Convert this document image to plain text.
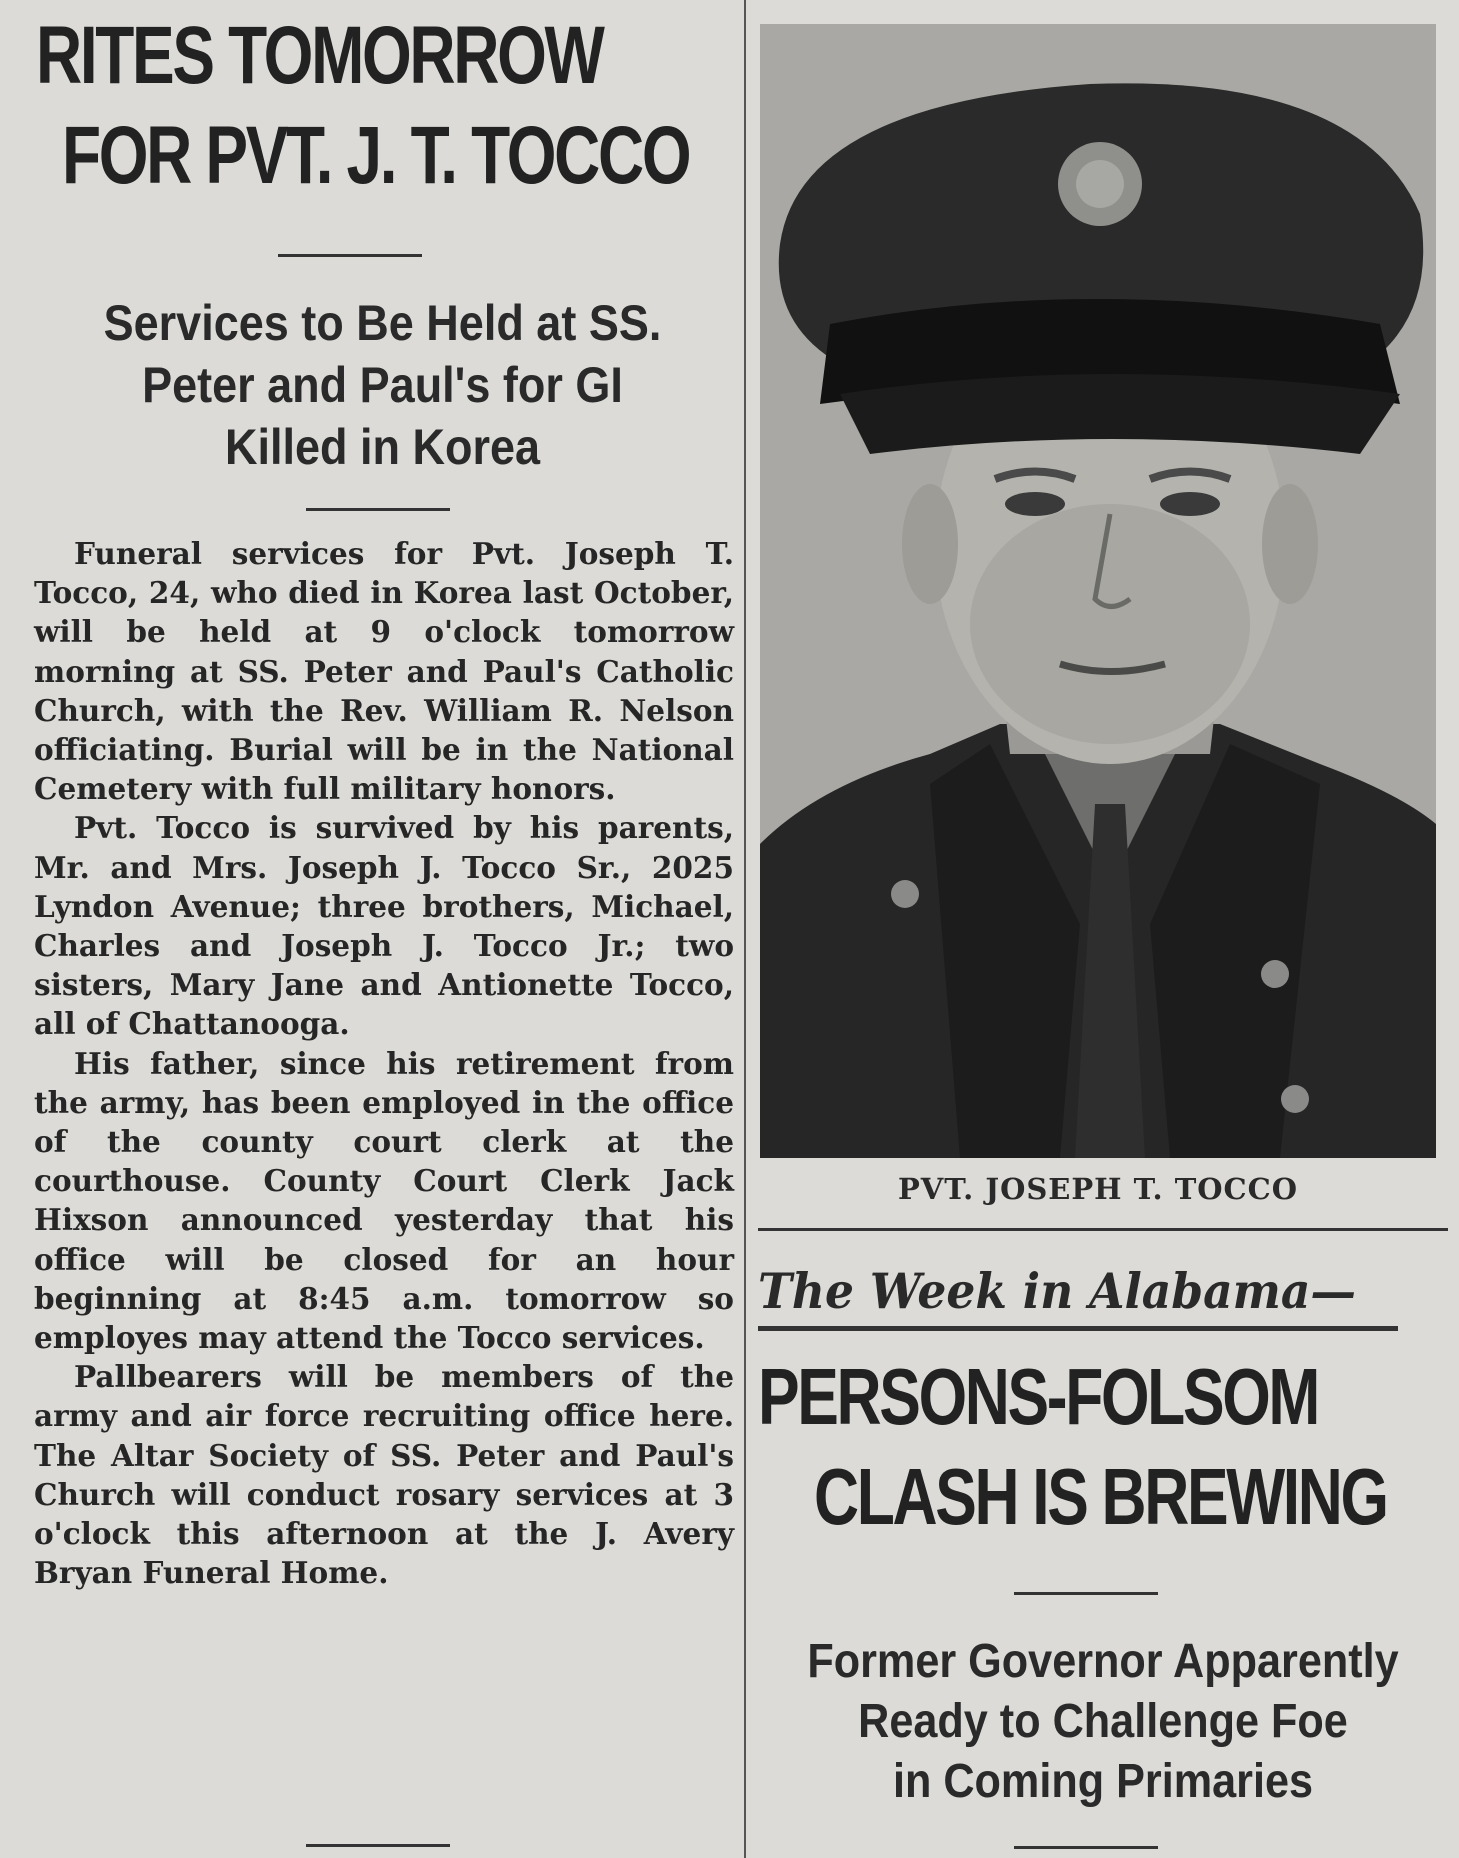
RITES TOMORROW
FOR PVT. J. T. TOCCO
Services to Be Held at SS.
Peter and Paul's for GI
Killed in Korea

Funeral services for Pvt. Joseph T. Tocco, 24, who died in Korea last October, will be held at 9 o'clock tomorrow morning at SS. Peter and Paul's Catholic Church, with the Rev. William R. Nelson officiating. Burial will be in the National Cemetery with full military honors.

Pvt. Tocco is survived by his parents, Mr. and Mrs. Joseph J. Tocco Sr., 2025 Lyndon Avenue; three brothers, Michael, Charles and Joseph J. Tocco Jr.; two sisters, Mary Jane and Antionette Tocco, all of Chattanooga.

His father, since his retirement from the army, has been employed in the office of the county court clerk at the courthouse. County Court Clerk Jack Hixson announced yesterday that his office will be closed for an hour beginning at 8:45 a.m. tomorrow so employes may attend the Tocco services.

Pallbearers will be members of the army and air force recruiting office here. The Altar Society of SS. Peter and Paul's Church will conduct rosary services at 3 o'clock this afternoon at the J. Avery Bryan Funeral Home.

PVT. JOSEPH T. TOCCO
The Week in Alabama—
PERSONS-FOLSOM
CLASH IS BREWING
Former Governor Apparently
Ready to Challenge Foe
in Coming Primaries
